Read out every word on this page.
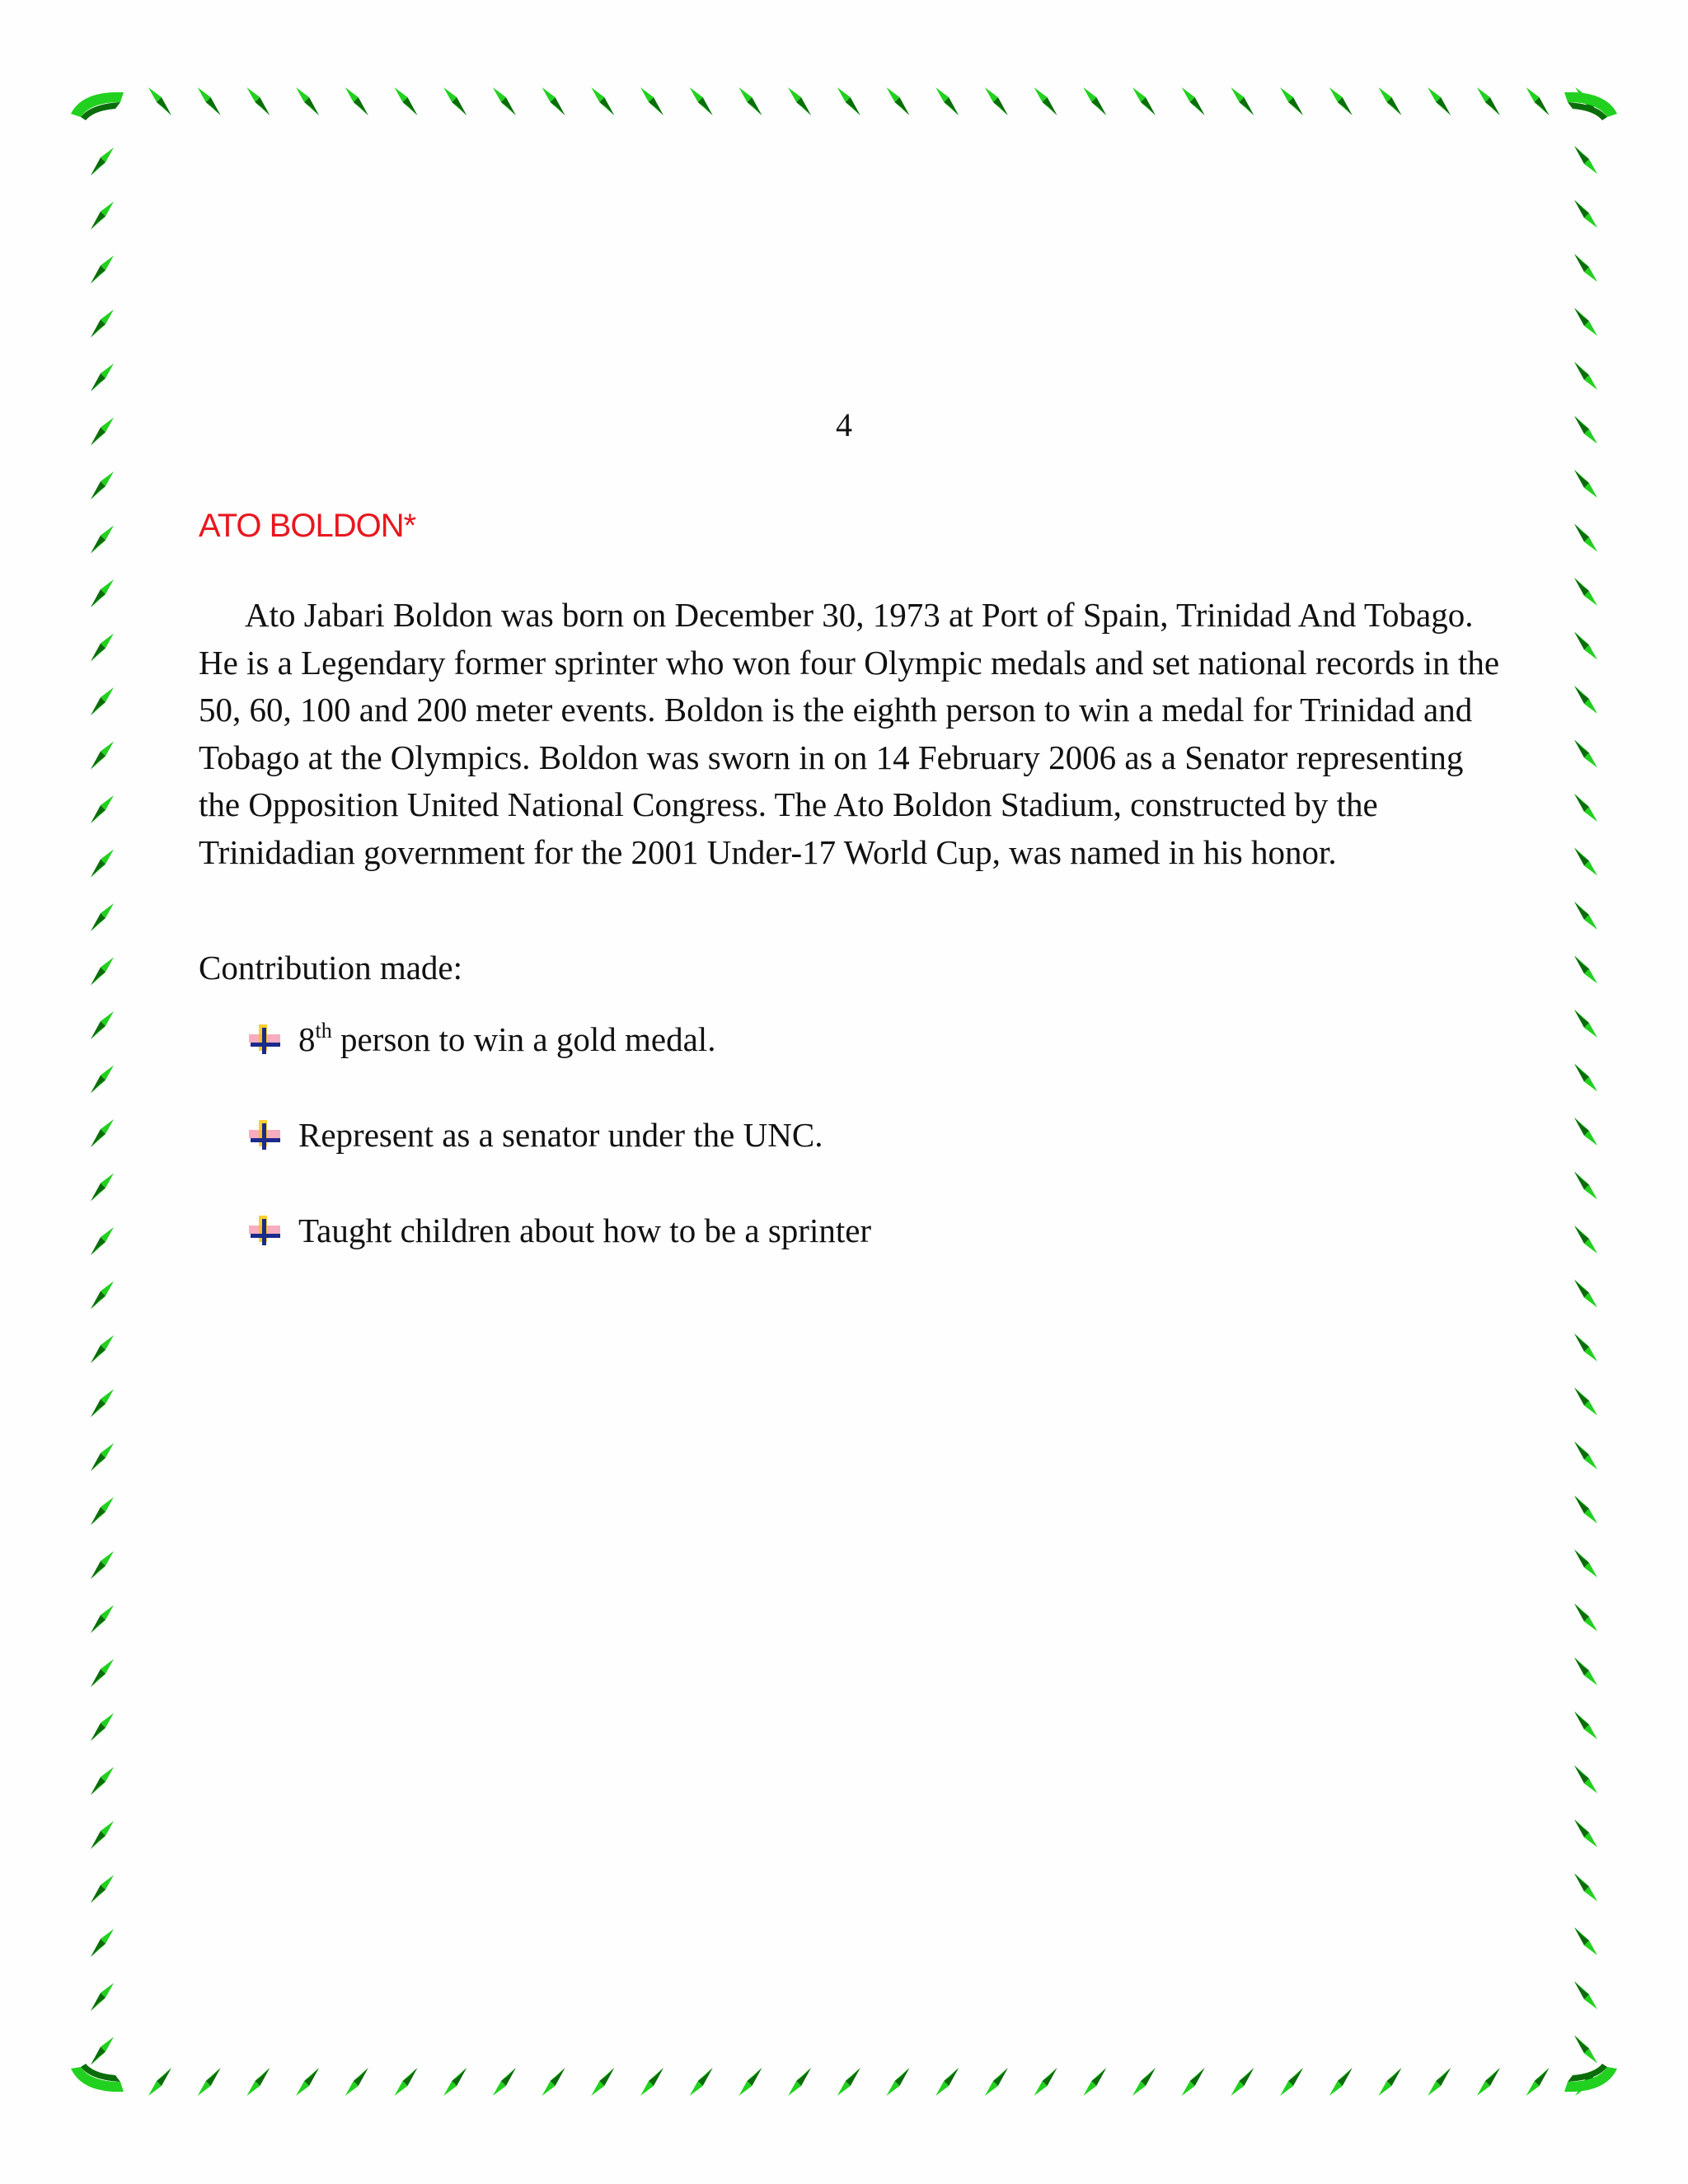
4
ATO BOLDON*
Ato Jabari Boldon was born on December 30, 1973 at Port of Spain, Trinidad And Tobago. He is a Legendary former sprinter who won four Olympic medals and set national records in the 50, 60, 100 and 200 meter events. Boldon is the eighth person to win a medal for Trinidad and Tobago at the Olympics. Boldon was sworn in on 14 February 2006 as a Senator representing the Opposition United National Congress. The Ato Boldon Stadium, constructed by the Trinidadian government for the 2001 Under-17 World Cup, was named in his honor.
Contribution made:
8th person to win a gold medal.
Represent as a senator under the UNC.
Taught children about how to be a sprinter
